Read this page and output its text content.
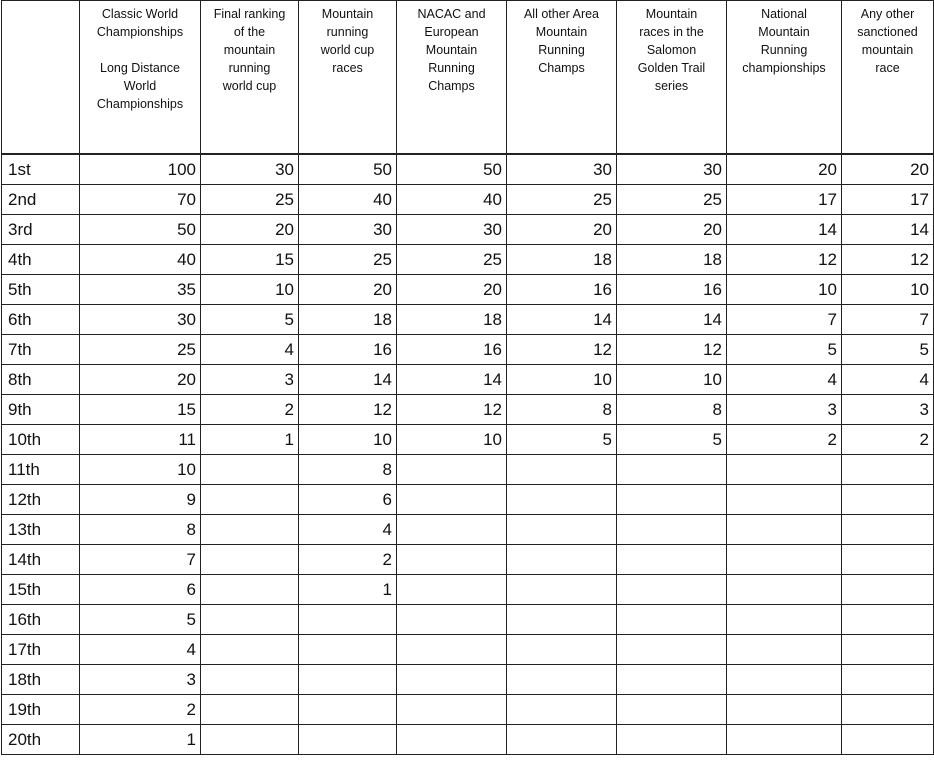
	Classic World
Championships
Long Distance
World
Championships	Final ranking
of the
mountain
running
world cup	Mountain
running
world cup
races	NACAC and
European
Mountain
Running
Champs	All other Area
Mountain
Running
Champs	Mountain
races in the
Salomon
Golden Trail
series	National
Mountain
Running
championships	Any other
sanctioned
mountain
race

1st	100	30	50	50	30	30	20	20
2nd	70	25	40	40	25	25	17	17
3rd	50	20	30	30	20	20	14	14
4th	40	15	25	25	18	18	12	12
5th	35	10	20	20	16	16	10	10
6th	30	5	18	18	14	14	7	7
7th	25	4	16	16	12	12	5	5
8th	20	3	14	14	10	10	4	4
9th	15	2	12	12	8	8	3	3
10th	11	1	10	10	5	5	2	2
11th	10		8					
12th	9		6					
13th	8		4					
14th	7		2					
15th	6		1					
16th	5							
17th	4							
18th	3							
19th	2							
20th	1							
